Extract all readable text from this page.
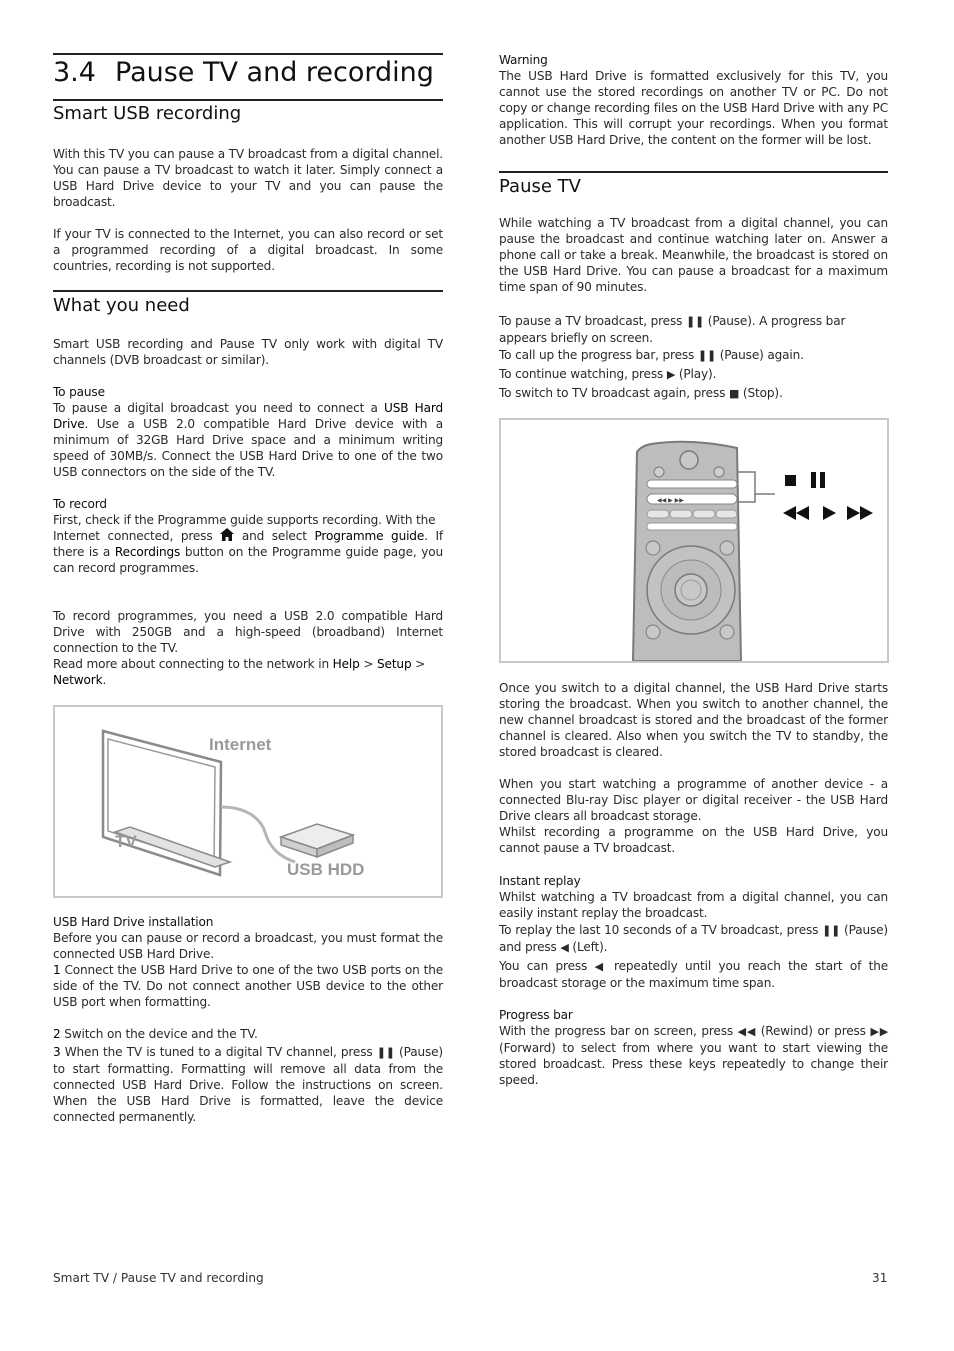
3.4 Pause TV and recording
Smart USB recording

With this TV you can pause a TV broadcast from a digital channel. You can pause a TV broadcast to watch it later. Simply connect a USB Hard Drive device to your TV and you can pause the broadcast.

If your TV is connected to the Internet, you can also record or set a programmed recording of a digital broadcast. In some countries, recording is not supported.

What you need

Smart USB recording and Pause TV only work with digital TV channels (DVB broadcast or similar).

To pause

To pause a digital broadcast you need to connect a USB Hard Drive. Use a USB 2.0 compatible Hard Drive device with a minimum of 32GB Hard Drive space and a minimum writing speed of 30MB/s. Connect the USB Hard Drive to one of the two USB connectors on the side of the TV.

To record

First, check if the Programme guide supports recording. With the
Internet connected, press  and select Programme guide. If there is a Recordings button on the Programme guide page, you can record programmes.

To record programmes, you need a USB 2.0 compatible Hard Drive with 250GB and a high-speed (broadband) Internet connection to the TV.

Read more about connecting to the network in Help > Setup >
Network.

Internet
TV
USB HDD
USB Hard Drive installation

Before you can pause or record a broadcast, you must format the connected USB Hard Drive.

1 Connect the USB Hard Drive to one of the two USB ports on the side of the TV. Do not connect another USB device to the other USB port when formatting.

2 Switch on the device and the TV.

3 When the TV is tuned to a digital TV channel, press ❚❚ (Pause) to start formatting. Formatting will remove all data from the connected USB Hard Drive. Follow the instructions on screen. When the USB Hard Drive is formatted, leave the device connected permanently.

Warning

The USB Hard Drive is formatted exclusively for this TV, you cannot use the stored recordings on another TV or PC. Do not copy or change recording files on the USB Hard Drive with any PC application. This will corrupt your recordings. When you format another USB Hard Drive, the content on the former will be lost.

Pause TV

While watching a TV broadcast from a digital channel, you can pause the broadcast and continue watching later on. Answer a phone call or take a break. Meanwhile, the broadcast is stored on the USB Hard Drive. You can pause a broadcast for a maximum time span of 90 minutes.

To pause a TV broadcast, press ❚❚ (Pause). A progress bar appears briefly on screen.

To call up the progress bar, press ❚❚ (Pause) again.

To continue watching, press ▶ (Play).

To switch to TV broadcast again, press ■ (Stop).

◀◀ ▶ ▶▶

Once you switch to a digital channel, the USB Hard Drive starts storing the broadcast. When you switch to another channel, the new channel broadcast is stored and the broadcast of the former channel is cleared. Also when you switch the TV to standby, the stored broadcast is cleared.

When you start watching a programme of another device - a connected Blu-ray Disc player or digital receiver - the USB Hard Drive clears all broadcast storage.

Whilst recording a programme on the USB Hard Drive, you cannot pause a TV broadcast.

Instant replay

Whilst watching a TV broadcast from a digital channel, you can easily instant replay the broadcast.

To replay the last 10 seconds of a TV broadcast, press ❚❚ (Pause) and press ◀ (Left).

You can press ◀ repeatedly until you reach the start of the broadcast storage or the maximum time span.

Progress bar

With the progress bar on screen, press ◀◀ (Rewind) or press ▶▶ (Forward) to select from where you want to start viewing the stored broadcast. Press these keys repeatedly to change their speed.

Smart TV / Pause TV and recording	31
